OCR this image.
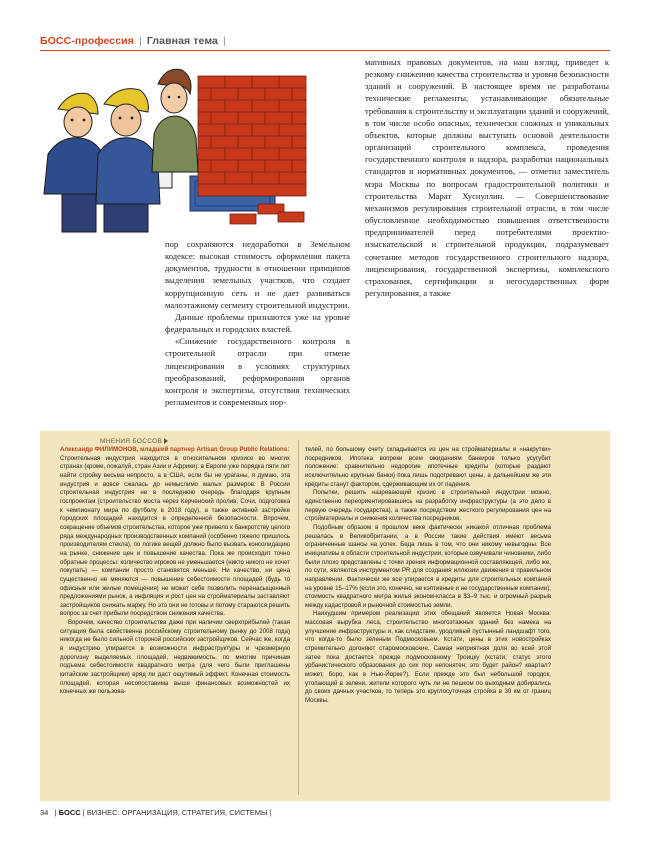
БОСС-профессия | Главная тема |

пор сохраняются недоработки в Земельном кодексе: высокая стоимость оформления пакета документов, трудности в отношении принципов выделения земельных участков, что создает коррупционную сеть и не дает развиваться малоэтажному сегменту строительной индустрии.

Данные проблемы признаются уже на уровне федеральных и городских властей.

«Снижение государственного контроля в строительной отрасли при отмене лицензирования в условиях структурных преобразований, реформирования органов контроля и экспертизы, отсутствия технических регламентов и современных нор-

мативных правовых документов, на наш взгляд, приведет к резкому снижению качества строительства и уровня безопасности зданий и сооружений. В настоящее время не разработаны технические регламенты, устанавливающие обязательные требования к строительству и эксплуатации зданий и сооружений, в том числе особо опасных, технически сложных и уникальных объектов, которые должны выступать основой деятельности организаций строительного комплекса, проведения государственного контроля и надзора, разработки национальных стандартов и нормативных документов, — отметил заместитель мэра Москвы по вопросам градостроительной политики и строительства Марат Хуснуллин. — Совершенствование механизмов регулирования строительной отрасли, в том числе обусловленное необходимостью повышения ответственности предпринимателей перед потребителями проектно-изыскательской и строительной продукции, подразумевает сочетание методов государственного строительного надзора, лицензирования, государственной экспертизы, комплексного страхования, сертификации и негосударственных форм регулирования, а также

МНЕНИЯ БОССОВ

Александр ФИЛИМОНОВ, младший партнер Artisan Group Public Relations:

Строительная индустрия находится в относительном кризисе во многих странах (кроме, пожалуй, стран Азии и Африки): в Европе уже порядка пяти лет найти стройку весьма непросто, а в США, если бы не ураганы, я думаю, эта индустрия и вовсе сжалась до немыслимо малых размеров. В России строительная индустрия не в последнюю очередь благодаря крупным госпроектам (строительство моста через Керченский пролив, Сочи, подготовка к чемпионату мира по футболу в 2018 году), а также активной застройке городских площадей находится в определенной безопасности. Впрочем, сокращение объемов строительства, которое уже привело к банкротству целого ряда международных производственных компаний (особенно тяжело пришлось производителям стекла), по логике вещей должно было вызвать консолидацию на рынке, снижение цен и повышение качества. Пока же происходит точно обратные процессы: количество игроков не уменьшается (никто никого не хочет покупать) — компании просто становятся меньше. Ни качество, ни цена существенно не меняются — повышение себестоимости площадей (будь то офисные или жилые помещения) не может себе позволить перенасыщенный предложениями рынок, а инфляция и рост цен на стройматериалы заставляют застройщиков снижать маржу. Но это они не готовы и потому стараются решить вопрос за счет прибыли посредством снижения качества.

Впрочем, качество строительства даже при наличии сверхприбылей (такая ситуация была свойственна российскому строительному рынку до 2008 года) никогда не было сильной стороной российских застройщиков. Сейчас же, когда в индустрию упирается в возможности инфраструктуры и чрезмерную дорогизну выделяемых площадей, недвижимость, по многим причинам подъема себестоимости квадратного метра (для чего были приглашены китайские застройщики) вряд ли даст ощутимый эффект. Конечная стоимость площадей, которая несопоставима выше финансовых возможностей их конечных же пользова-

телей, по большому счету складывается из цен на стройматериалы и «накрутки» посредников. Ипотека вопреки всем ожиданиям банкиров только усугубит положение: сравнительно недорогие ипотечные кредиты (которые раздают исключительно крупные банки) пока лишь подогревают цены, а дальнейшем же эти кредиты станут фактором, сдерживающим их от падения.

Попытки, решить назревающий кризис в строительной индустрии можно, единственно переориентировавшись на разработку инфраструктуры (а это дело в первую очередь государства), а также посредством жесткого регулирования цен на стройматериалы и снижения количества посредников.

Подобным образом в прошлом веке фактически никакой отличная проблема решалась в Великобритании, а в России такие действия имеют весьма ограниченные шансы на успех. Беда лишь в том, что они никому невыгодны. Все инициативы в области строительной индустрии, которые озвучивали чиновники, либо были плохо представлены с точки зрения информационной составляющей, либо же, по сути, являются инструментом PR для создания иллюзии движения в правильном направлении. Фактически же все упирается в кредиты для строительных компаний на уровне 15–17% (если это, конечно, не кэптивные и не государственные компании), стоимость квадратного метра жилья эконом-класса в $3–9 тыс. и огромный разрыв между кадастровой и рыночной стоимостью земли.

Наихудшим примером реализации этих обещаний является Новая Москва: массовая вырубка леса, строительство многоэтажных зданий без намека на улучшение инфраструктуры и, как следствие, уродливый пустынный ландшафт того, что когда-то было зеленым Подмосковьем. Кстати, цены в этих новостройках стремительно догоняют старомосковские. Самая неприятная доля во всей этой затее пока достается прежде подмосковному Троицку (кстати, статус этого урбанистического образования до сих пор непонятен: это будет район? квартал? может, боро, как в Нью-Йорке?). Если прежде это был небольшой городок, утопающий в зелени, жители которого чуть ли не пешком по выходным добирались до своих дачных участков, то теперь это круглосуточная стройка в 30 км от границ Москвы.

34   | БОСС | БИЗНЕС: ОРГАНИЗАЦИЯ, СТРАТЕГИЯ, СИСТЕМЫ |
